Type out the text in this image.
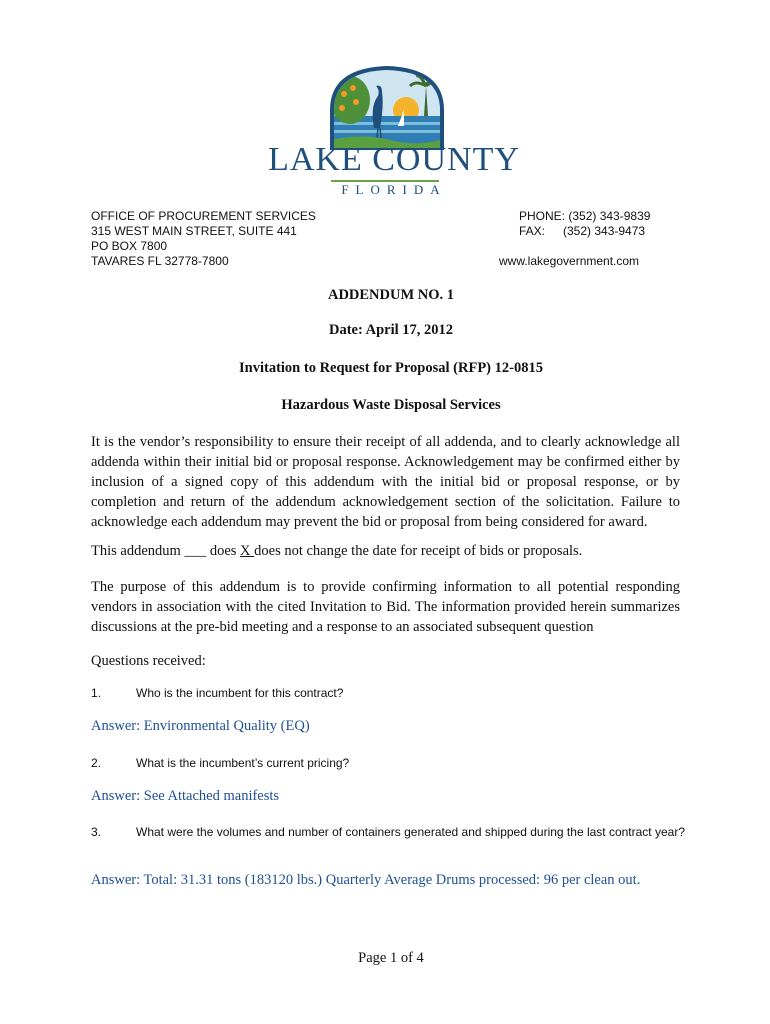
LAKE COUNTY
FLORIDA
OFFICE OF PROCUREMENT SERVICES
315 WEST MAIN STREET, SUITE 441
PO BOX 7800
TAVARES FL 32778-7800
PHONE: (352) 343-9839
FAX: (352) 343-9473
www.lakegovernment.com
ADDENDUM NO. 1
Date: April 17, 2012
Invitation to Request for Proposal (RFP) 12-0815
Hazardous Waste Disposal Services
It is the vendor’s responsibility to ensure their receipt of all addenda, and to clearly acknowledge all addenda within their initial bid or proposal response. Acknowledgement may be confirmed either by inclusion of a signed copy of this addendum with the initial bid or proposal response, or by completion and return of the addendum acknowledgement section of the solicitation. Failure to acknowledge each addendum may prevent the bid or proposal from being considered for award.
This addendum ___ does X does not change the date for receipt of bids or proposals.
The purpose of this addendum is to provide confirming information to all potential responding vendors in association with the cited Invitation to Bid. The information provided herein summarizes discussions at the pre-bid meeting and a response to an associated subsequent question
Questions received:
1.	Who is the incumbent for this contract?
Answer: Environmental Quality (EQ)
2.	What is the incumbent’s current pricing?
Answer: See Attached manifests
3.	What were the volumes and number of containers generated and shipped during the last contract year?
Answer: Total: 31.31 tons (183120 lbs.) Quarterly Average Drums processed: 96 per clean out.
Page 1 of 4
